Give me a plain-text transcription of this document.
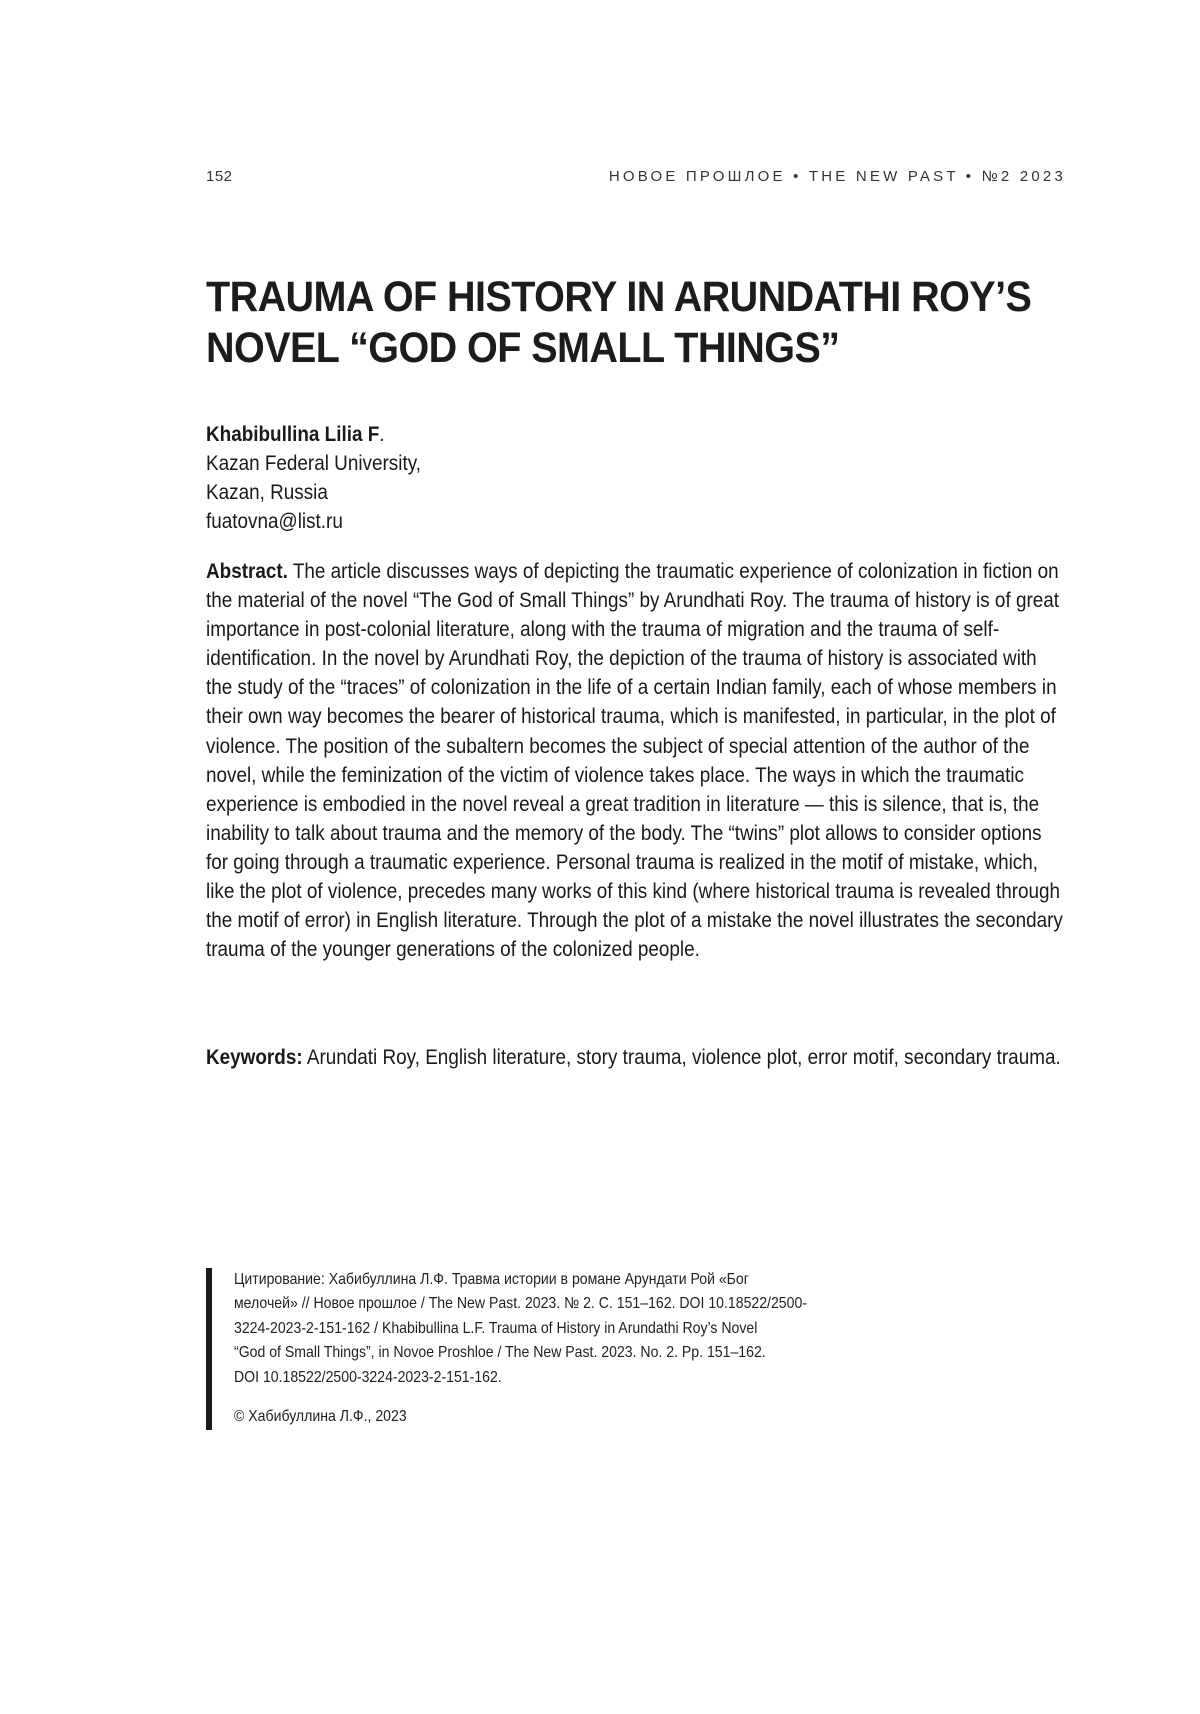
152	НОВОЕ ПРОШЛОЕ • THE NEW PAST • №2 2023
TRAUMA OF HISTORY IN ARUNDATHI ROY’S
NOVEL “GOD OF SMALL THINGS”
Khabibullina Lilia F.
Kazan Federal University,
Kazan, Russia
fuatovna@list.ru

Abstract. The article discusses ways of depicting the traumatic experience of colonization in fiction on the material of the novel “The God of Small Things” by Arundhati Roy. The trauma of history is of great importance in post-colonial literature, along with the trauma of migration and the trauma of self-identification. In the novel by Arundhati Roy, the depiction of the trauma of history is associated with the study of the “traces” of colonization in the life of a certain Indian family, each of whose members in their own way becomes the bearer of historical trauma, which is manifested, in particular, in the plot of violence. The position of the subaltern becomes the subject of special attention of the author of the novel, while the feminization of the victim of violence takes place. The ways in which the traumatic experience is embodied in the novel reveal a great tradition in literature — this is silence, that is, the inability to talk about trauma and the memory of the body. The “twins” plot allows to consider options for going through a traumatic experience. Personal trauma is realized in the motif of mistake, which, like the plot of violence, precedes many works of this kind (where historical trauma is revealed through the motif of error) in English literature. Through the plot of a mistake the novel illustrates the secondary trauma of the younger generations of the colonized people.

Keywords: Arundati Roy, English literature, story trauma, violence plot, error motif, secondary trauma.

Цитирование: Хабибуллина Л.Ф. Травма истории в романе Арундати Рой «Бог
мелочей» // Новое прошлое / The New Past. 2023. № 2. С. 151–162. DOI 10.18522/2500-
3224-2023-2-151-162 / Khabibullina L.F. Trauma of History in Arundathi Roy’s Novel
“God of Small Things”, in Novoe Proshloe / The New Past. 2023. No. 2. Pp. 151–162.
DOI 10.18522/2500-3224-2023-2-151-162.
© Хабибуллина Л.Ф., 2023
